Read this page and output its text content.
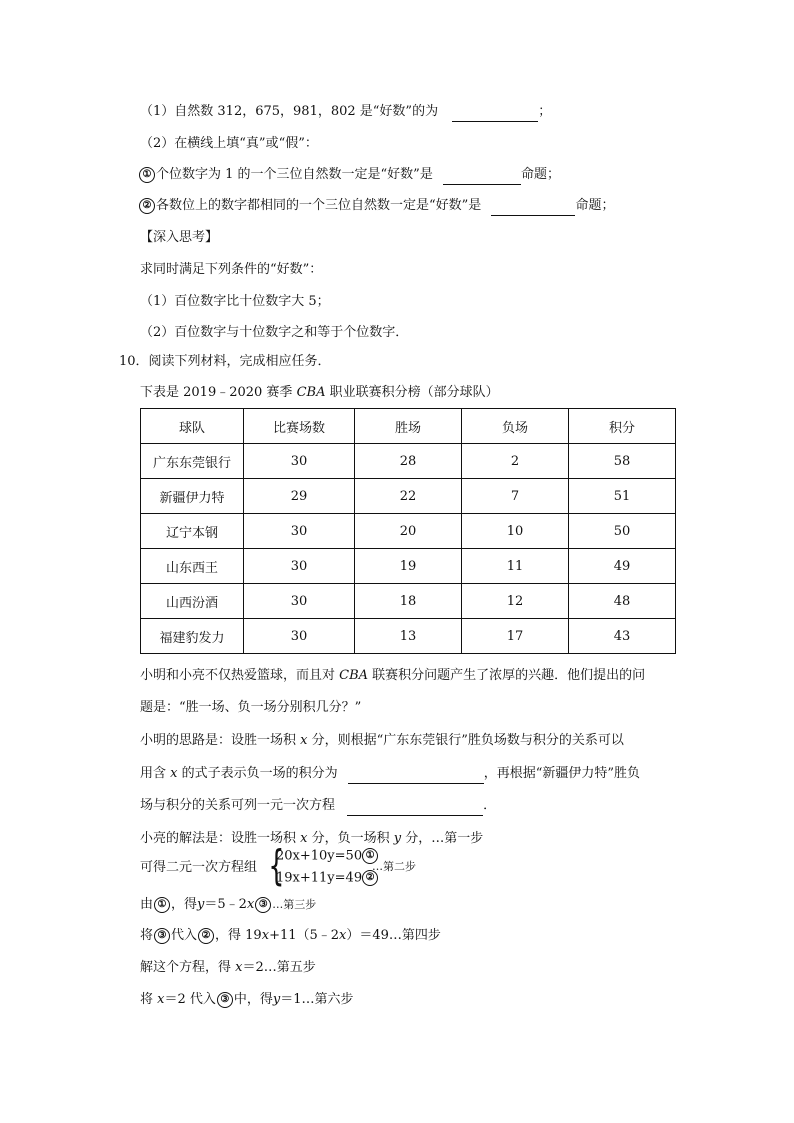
（1）自然数 312，675，981，802 是“好数”的为	；
（2）在横线上填“真”或“假”：
① 个位数字为 1 的一个三位自然数一定是“好数”是	命题；
② 各数位上的数字都相同的一个三位自然数一定是“好数”是	命题；
【深入思考】
求同时满足下列条件的“好数”：
（1）百位数字比十位数字大 5；
（2）百位数字与十位数字之和等于个位数字．
10．阅读下列材料，完成相应任务．
下表是 2019﹣2020 赛季 CBA 职业联赛积分榜（部分球队）
球队	比赛场数	胜场	负场	积分
广东东莞银行	30	28	2	58
新疆伊力特	29	22	7	51
辽宁本钢	30	20	10	50
山东西王	30	19	11	49
山西汾酒	30	18	12	48
福建豹发力	30	13	17	43
小明和小亮不仅热爱篮球，而且对 CBA 联赛积分问题产生了浓厚的兴趣．他们提出的问
题是：“胜一场、负一场分别积几分？”
小明的思路是：设胜一场积 x 分，则根据“广东东莞银行”胜负场数与积分的关系可以
用含 x 的式子表示负一场的积分为	，再根据“新疆伊力特”胜负
场与积分的关系可列一元一次方程	．
小亮的解法是：设胜一场积 x 分，负一场积 y 分，…第一步
可得二元一次方程组 {
20x+10y=50 ①
19x+11y=49 ②
…第二步
由 ① ，得y＝5﹣2x ③ …第三步
将 ③ 代入 ② ，得 19x+11（5﹣2x）＝49…第四步
解这个方程，得 x＝2…第五步
将 x＝2 代入 ③ 中，得y＝1…第六步
